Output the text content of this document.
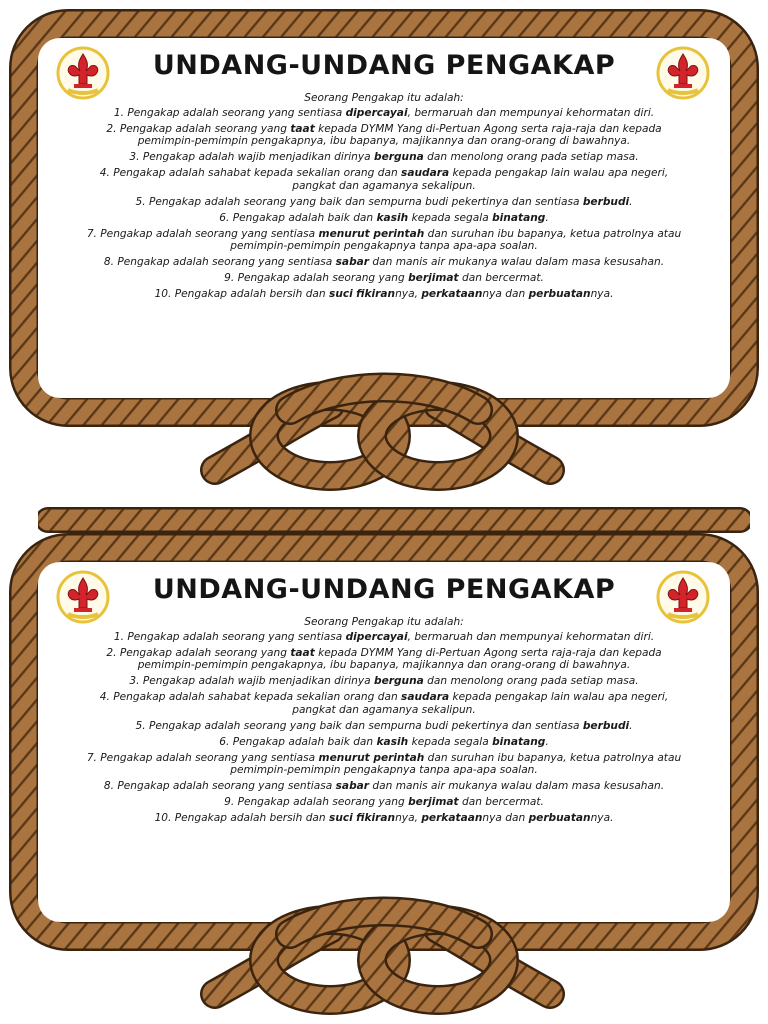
UNDANG-UNDANG PENGAKAP

Seorang Pengakap itu adalah:

1. Pengakap adalah seorang yang sentiasa dipercayai, bermaruah dan mempunyai kehormatan diri.

2. Pengakap adalah seorang yang taat kepada DYMM Yang di-Pertuan Agong serta raja-raja dan kepada pemimpin-pemimpin pengakapnya, ibu bapanya, majikannya dan orang-orang di bawahnya.

3. Pengakap adalah wajib menjadikan dirinya berguna dan menolong orang pada setiap masa.

4. Pengakap adalah sahabat kepada sekalian orang dan saudara kepada pengakap lain walau apa negeri, pangkat dan agamanya sekalipun.

5. Pengakap adalah seorang yang baik dan sempurna budi pekertinya dan sentiasa berbudi.

6. Pengakap adalah baik dan kasih kepada segala binatang.

7. Pengakap adalah seorang yang sentiasa menurut perintah dan suruhan ibu bapanya, ketua patrolnya atau pemimpin-pemimpin pengakapnya tanpa apa-apa soalan.

8. Pengakap adalah seorang yang sentiasa sabar dan manis air mukanya walau dalam masa kesusahan.

9. Pengakap adalah seorang yang berjimat dan bercermat.

10. Pengakap adalah bersih dan suci fikirannya, perkataannya dan perbuatannya.

UNDANG-UNDANG PENGAKAP

Seorang Pengakap itu adalah:

1. Pengakap adalah seorang yang sentiasa dipercayai, bermaruah dan mempunyai kehormatan diri.

2. Pengakap adalah seorang yang taat kepada DYMM Yang di-Pertuan Agong serta raja-raja dan kepada pemimpin-pemimpin pengakapnya, ibu bapanya, majikannya dan orang-orang di bawahnya.

3. Pengakap adalah wajib menjadikan dirinya berguna dan menolong orang pada setiap masa.

4. Pengakap adalah sahabat kepada sekalian orang dan saudara kepada pengakap lain walau apa negeri, pangkat dan agamanya sekalipun.

5. Pengakap adalah seorang yang baik dan sempurna budi pekertinya dan sentiasa berbudi.

6. Pengakap adalah baik dan kasih kepada segala binatang.

7. Pengakap adalah seorang yang sentiasa menurut perintah dan suruhan ibu bapanya, ketua patrolnya atau pemimpin-pemimpin pengakapnya tanpa apa-apa soalan.

8. Pengakap adalah seorang yang sentiasa sabar dan manis air mukanya walau dalam masa kesusahan.

9. Pengakap adalah seorang yang berjimat dan bercermat.

10. Pengakap adalah bersih dan suci fikirannya, perkataannya dan perbuatannya.
